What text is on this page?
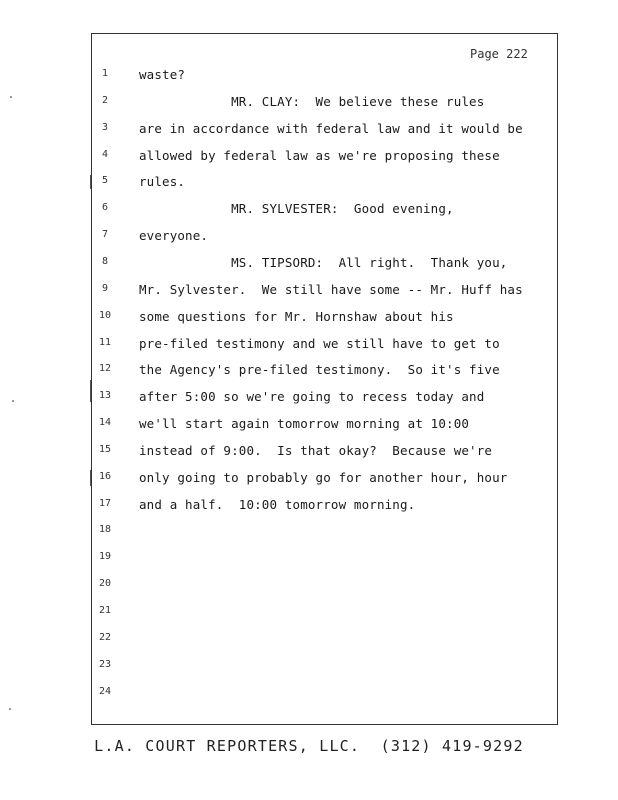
Page 222
1	waste?
2	MR. CLAY:  We believe these rules
3	are in accordance with federal law and it would be
4	allowed by federal law as we're proposing these
5	rules.
6	MR. SYLVESTER:  Good evening,
7	everyone.
8	MS. TIPSORD:  All right.  Thank you,
9	Mr. Sylvester.  We still have some -- Mr. Huff has
10	some questions for Mr. Hornshaw about his
11	pre-filed testimony and we still have to get to
12	the Agency's pre-filed testimony.  So it's five
13	after 5:00 so we're going to recess today and
14	we'll start again tomorrow morning at 10:00
15	instead of 9:00.  Is that okay?  Because we're
16	only going to probably go for another hour, hour
17	and a half.  10:00 tomorrow morning.
18
19
20
21
22
23
24
L.A. COURT REPORTERS, LLC.  (312) 419-9292
